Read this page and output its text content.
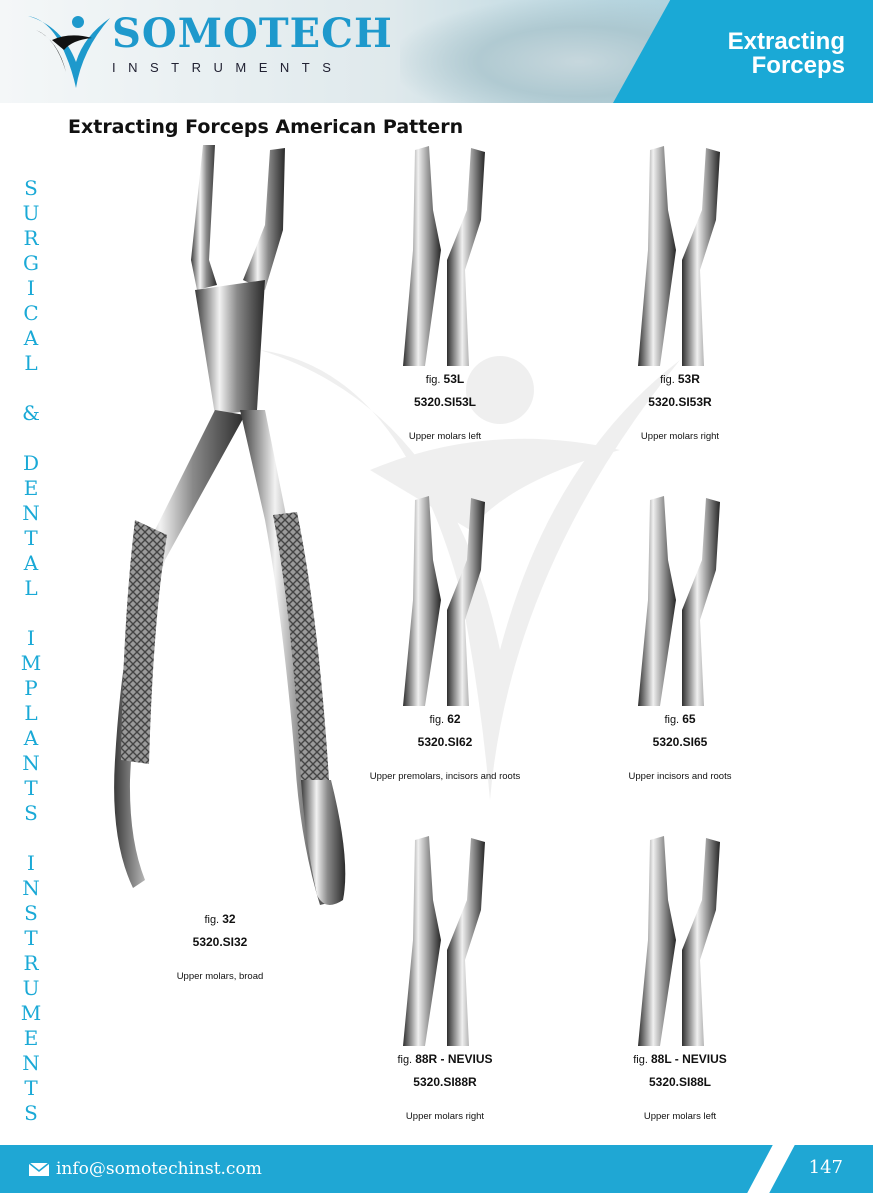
SOMOTECH
INSTRUMENTS
Extracting
Forceps
Extracting Forceps American Pattern
S
U
R
G
I
C
A
L

&

D
E
N
T
A
L

I
M
P
L
A
N
T
S

I
N
S
T
R
U
M
E
N
T
S
fig. 32
5320.SI32
Upper molars, broad
fig. 53L
5320.SI53L
Upper molars left
fig. 53R
5320.SI53R
Upper molars right
fig. 62
5320.SI62
Upper premolars, incisors and roots
fig. 65
5320.SI65
Upper incisors and roots
fig. 88R - NEVIUS
5320.SI88R
Upper molars right
fig. 88L - NEVIUS
5320.SI88L
Upper molars left
info@somotechinst.com	147
